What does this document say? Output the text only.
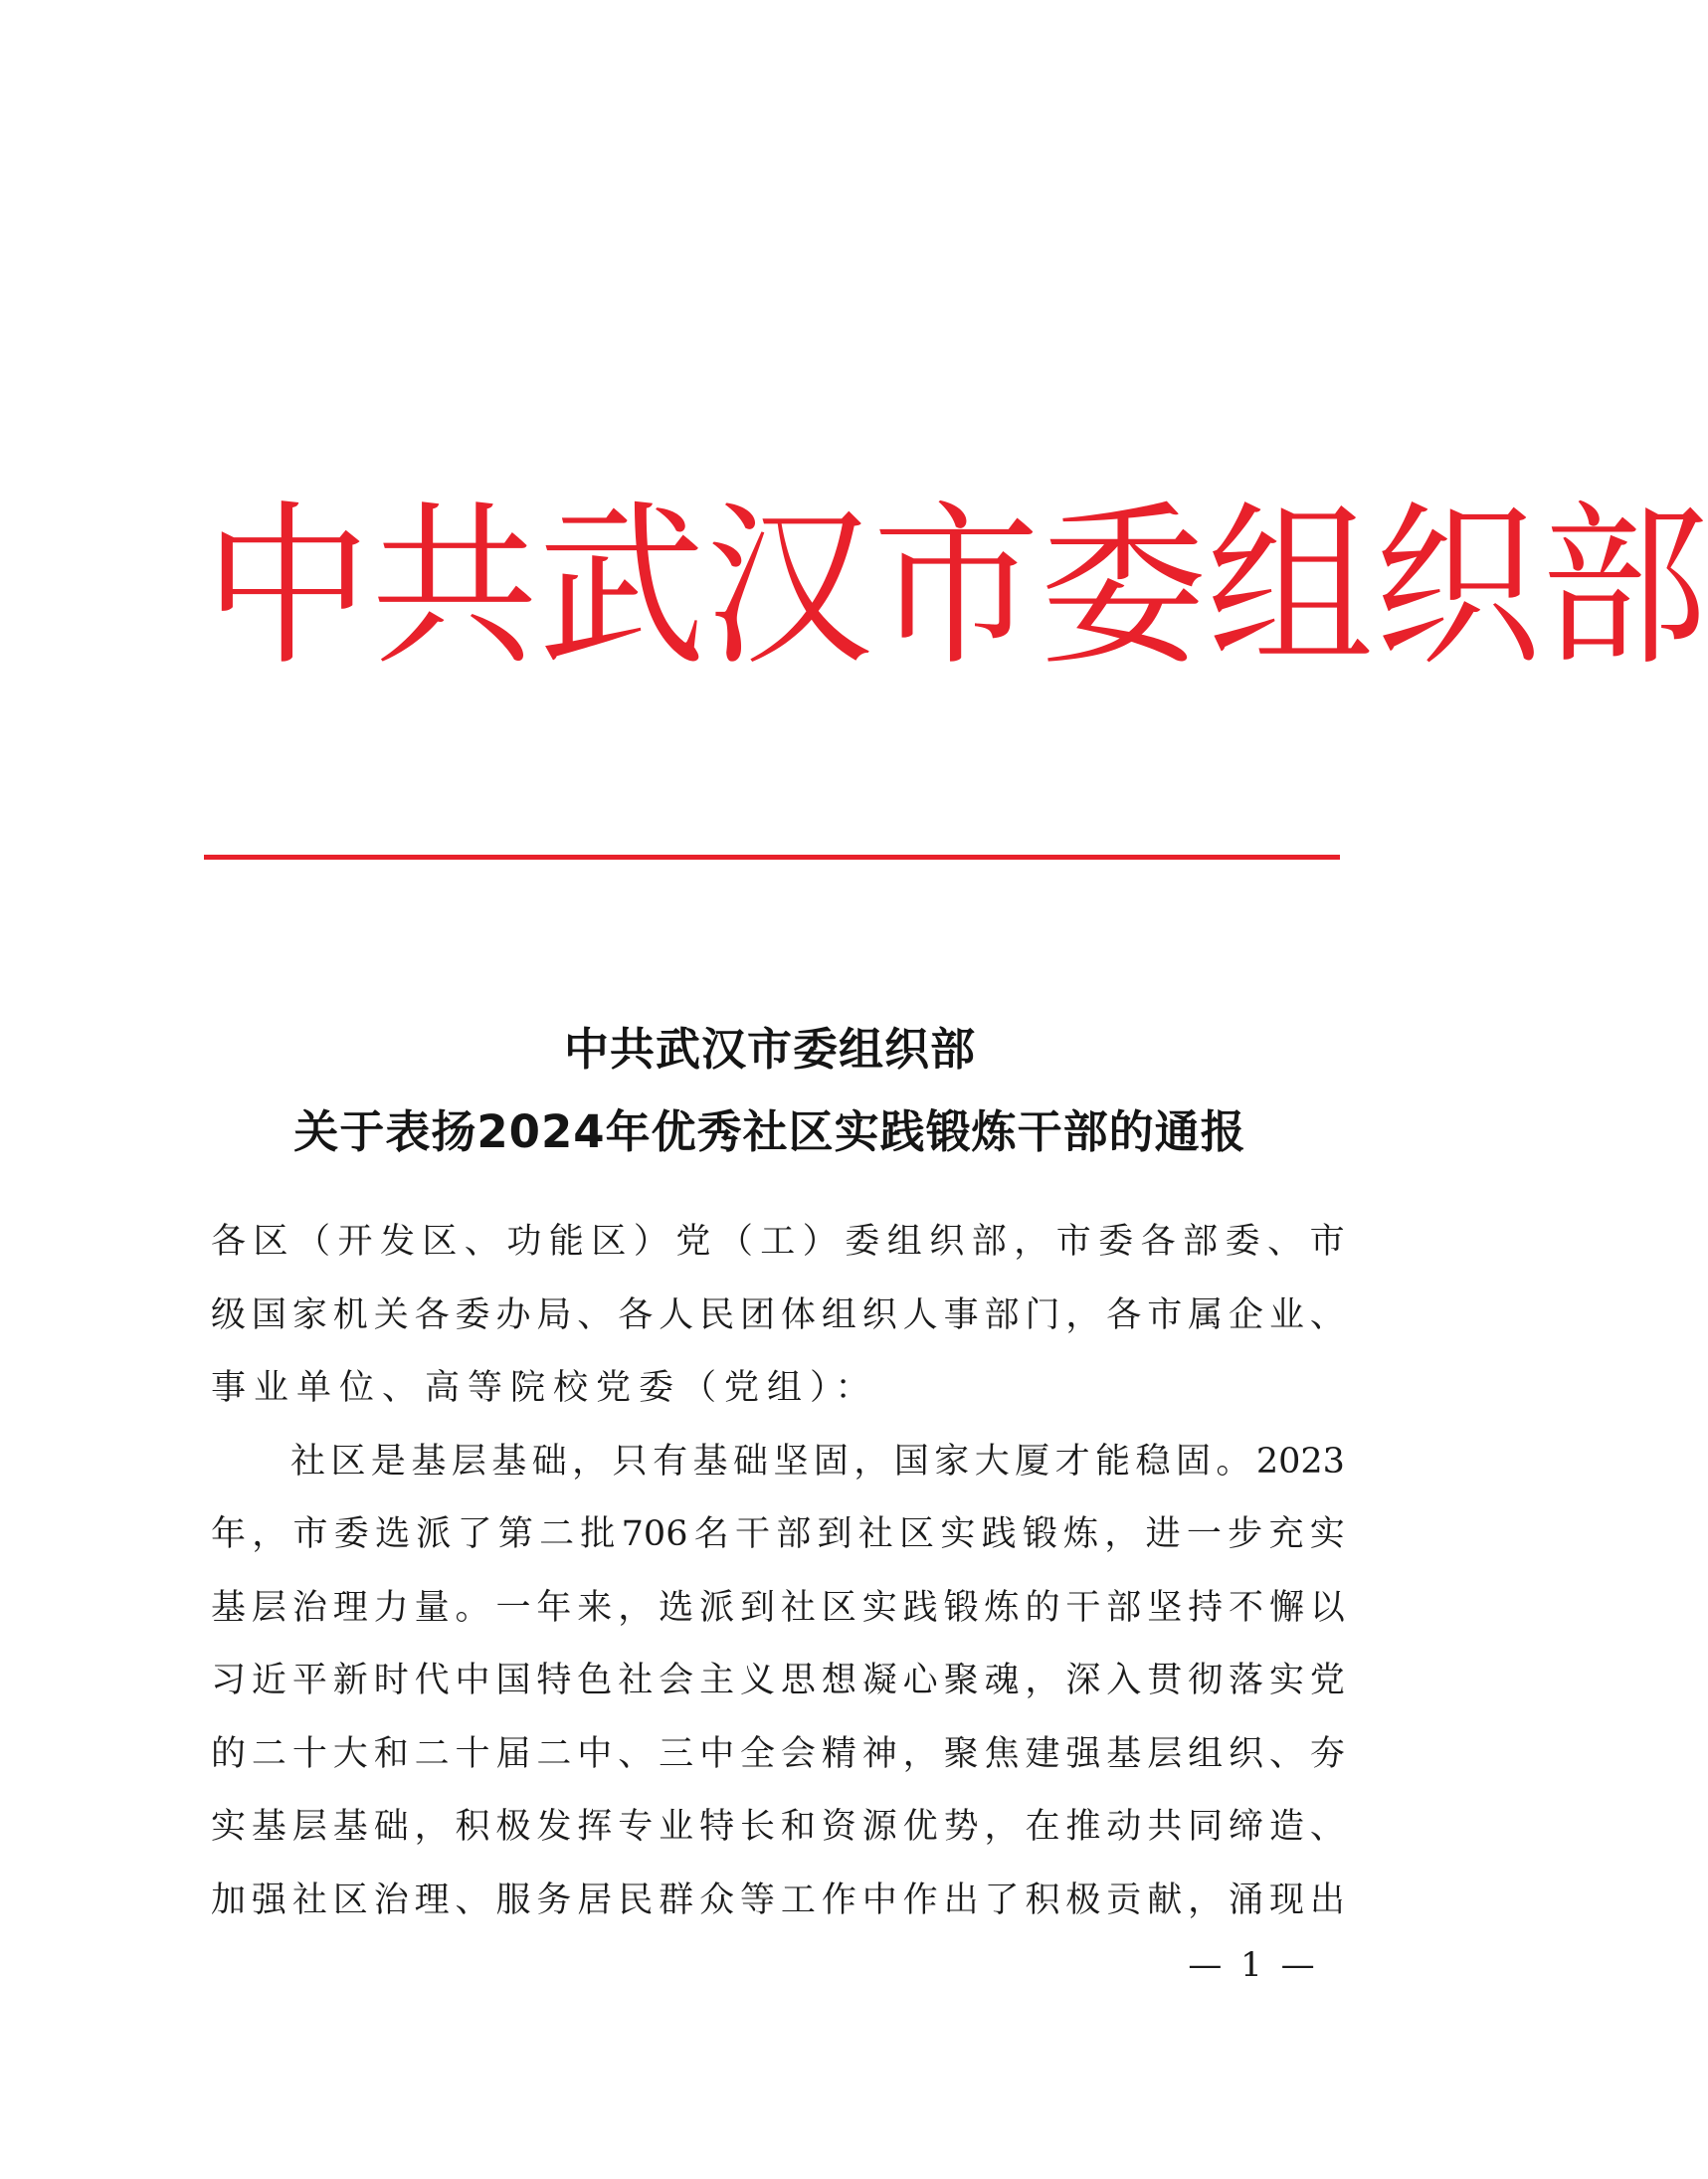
中 共 武 汉 市 委 组 织 部
中共武汉市委组织部
关于表扬2024年优秀社区实践锻炼干部的通报
各 区 （ 开 发 区 、 功 能 区 ） 党 （ 工 ） 委 组 织 部 ， 市 委 各 部 委 、 市
级 国 家 机 关 各 委 办 局 、 各 人 民 团 体 组 织 人 事 部 门 ， 各 市 属 企 业 、
事业单位、高等院校党委（党组）：
社 区 是 基 层 基 础 ， 只 有 基 础 坚 固 ， 国 家 大 厦 才 能 稳 固 。 2023
年 ， 市 委 选 派 了 第 二 批 706 名 干 部 到 社 区 实 践 锻 炼 ， 进 一 步 充 实
基 层 治 理 力 量 。 一 年 来 ， 选 派 到 社 区 实 践 锻 炼 的 干 部 坚 持 不 懈 以
习 近 平 新 时 代 中 国 特 色 社 会 主 义 思 想 凝 心 聚 魂 ， 深 入 贯 彻 落 实 党
的 二 十 大 和 二 十 届 二 中 、 三 中 全 会 精 神 ， 聚 焦 建 强 基 层 组 织 、 夯
实 基 层 基 础 ， 积 极 发 挥 专 业 特 长 和 资 源 优 势 ， 在 推 动 共 同 缔 造 、
加 强 社 区 治 理 、 服 务 居 民 群 众 等 工 作 中 作 出 了 积 极 贡 献 ， 涌 现 出
— 1 —
